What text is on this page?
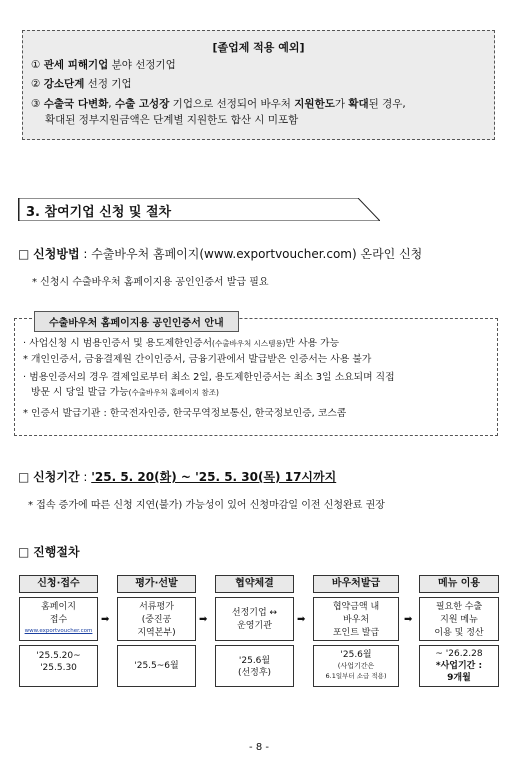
[졸업제 적용 예외]
① 관세 피해기업 분야 선정기업
② 강소단계 선정 기업
③ 수출국 다변화, 수출 고성장 기업으로 선정되어 바우처 지원한도가 확대된 경우,
확대된 정부지원금액은 단계별 지원한도 합산 시 미포함
3. 참여기업 신청 및 절차
□ 신청방법 : 수출바우처 홈페이지(www.exportvoucher.com) 온라인 신청
* 신청시 수출바우처 홈페이지용 공인인증서 발급 필요
· 사업신청 시 범용인증서 및 용도제한인증서(수출바우처 시스템용)만 사용 가능
* 개인인증서, 금융결제원 간이인증서, 금융기관에서 발급받은 인증서는 사용 불가
· 범용인증서의 경우 결제일로부터 최소 2일, 용도제한인증서는 최소 3일 소요되며 직접
방문 시 당일 발급 가능(수출바우처 홈페이지 참조)
* 인증서 발급기관 : 한국전자인증, 한국무역정보통신, 한국정보인증, 코스콤
수출바우처 홈페이지용 공인인증서 안내
□ 신청기간 : '25. 5. 20(화) ~ '25. 5. 30(목) 17시까지
* 접속 증가에 따른 신청 지연(불가) 가능성이 있어 신청마감일 이전 신청완료 권장
□ 진행절차
신청·접수
홈페이지
접수
www.exportvoucher.com
'25.5.20~
'25.5.30
➡
평가·선발
서류평가
(중진공
지역본부)
'25.5~6월
➡
협약체결
선정기업 ↔
운영기관
'25.6월
(선정후)
➡
바우처발급
협약금액 내
바우처
포인트 발급
'25.6월
(사업기간은
6.1일부터 소급 적용)
➡
메뉴 이용
필요한 수출
지원 메뉴
이용 및 정산
~ '26.2.28
*사업기간 :
9개월
- 8 -
